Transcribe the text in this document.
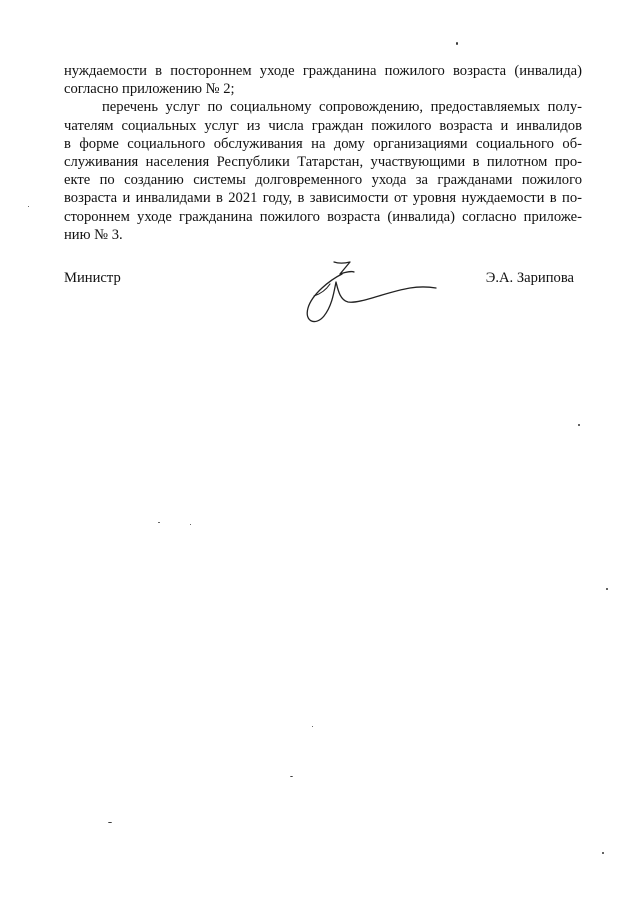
нуждаемости в постороннем уходе гражданина пожилого возраста (инвалида)
согласно приложению № 2;
перечень услуг по социальному сопровождению, предоставляемых полу-
чателям социальных услуг из числа граждан пожилого возраста и инвалидов
в форме социального обслуживания на дому организациями социального об-
служивания населения Республики Татарстан, участвующими в пилотном про-
екте по созданию системы долговременного ухода за гражданами пожилого
возраста и инвалидами в 2021 году, в зависимости от уровня нуждаемости в по-
стороннем уходе гражданина пожилого возраста (инвалида) согласно приложе-
нию № 3.
Министр	Э.А. Зарипова
